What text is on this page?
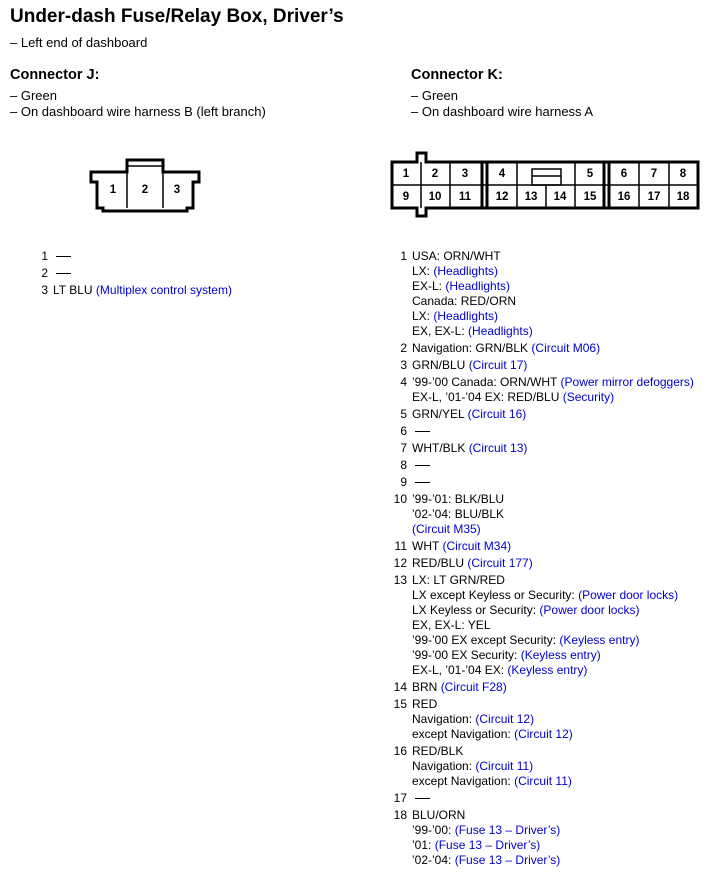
Under-dash Fuse/Relay Box, Driver’s
– Left end of dashboard
Connector J:
– Green
– On dashboard wire harness B (left branch)
Connector K:
– Green
– On dashboard wire harness A
1 2 3
1 2 3	4	5 6 7 8
9 10 11 12 13 14 15 16 17 18
1
2
3 LT BLU (Multiplex control system)
1 USA: ORN/WHT
LX: (Headlights)
EX-L: (Headlights)
Canada: RED/ORN
LX: (Headlights)
EX, EX-L: (Headlights)
2 Navigation: GRN/BLK (Circuit M06)
3 GRN/BLU (Circuit 17)
4 ’99-’00 Canada: ORN/WHT (Power mirror defoggers)
EX-L, ’01-’04 EX: RED/BLU (Security)
5 GRN/YEL (Circuit 16)
6
7 WHT/BLK (Circuit 13)
8
9
10 ’99-’01: BLK/BLU
’02-’04: BLU/BLK
(Circuit M35)
11 WHT (Circuit M34)
12 RED/BLU (Circuit 177)
13 LX: LT GRN/RED
LX except Keyless or Security: (Power door locks)
LX Keyless or Security: (Power door locks)
EX, EX-L: YEL
’99-’00 EX except Security: (Keyless entry)
’99-’00 EX Security: (Keyless entry)
EX-L, ’01-’04 EX: (Keyless entry)
14 BRN (Circuit F28)
15 RED
Navigation: (Circuit 12)
except Navigation: (Circuit 12)
16 RED/BLK
Navigation: (Circuit 11)
except Navigation: (Circuit 11)
17
18 BLU/ORN
’99-’00: (Fuse 13 – Driver’s)
’01: (Fuse 13 – Driver’s)
’02-’04: (Fuse 13 – Driver’s)
